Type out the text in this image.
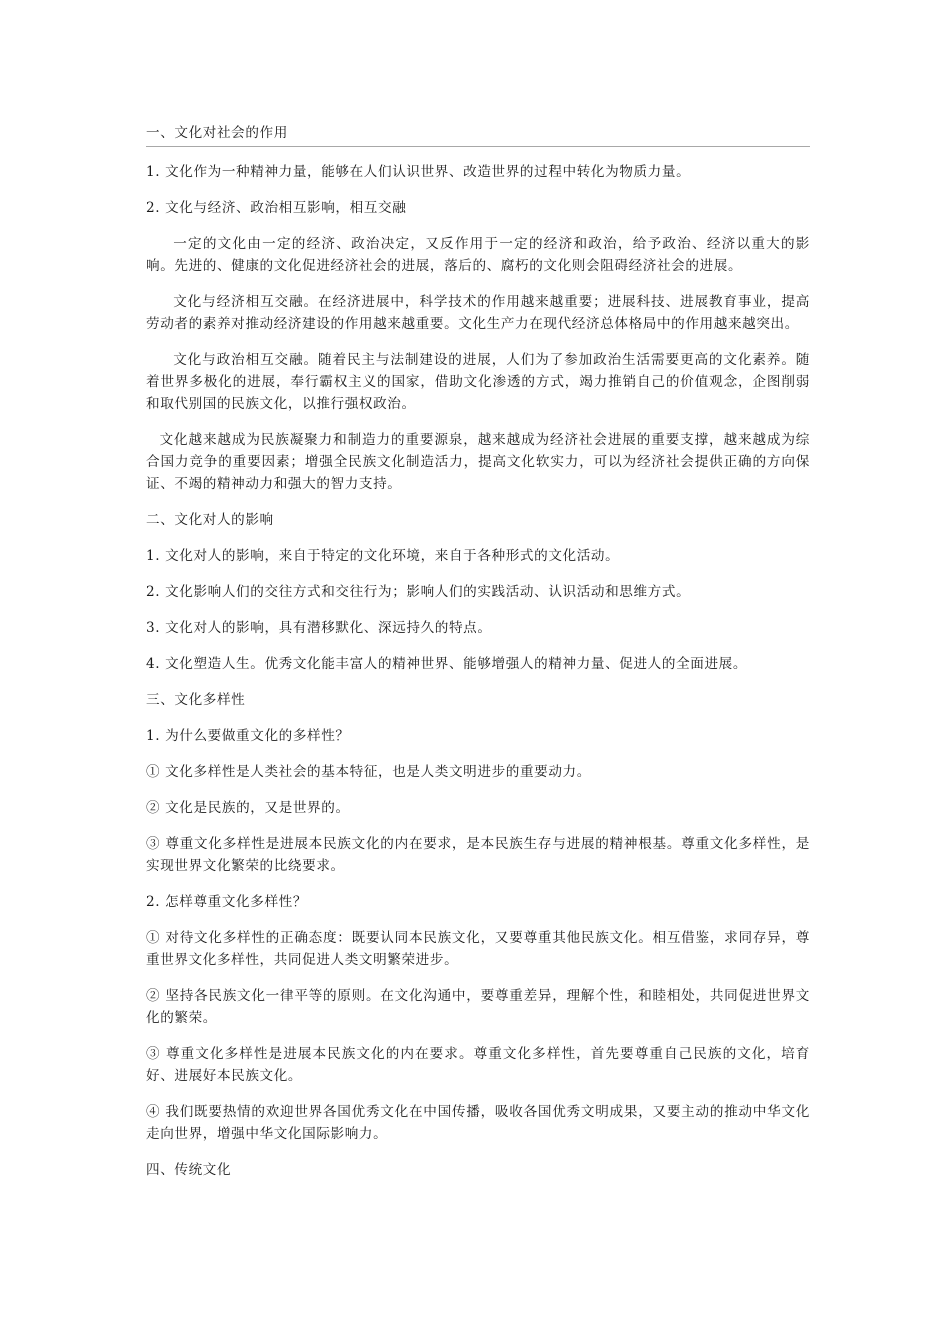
一、文化对社会的作用

1. 文化作为一种精神力量，能够在人们认识世界、改造世界的过程中转化为物质力量。

2. 文化与经济、政治相互影响，相互交融

一定的文化由一定的经济、政治决定，又反作用于一定的经济和政治，给予政治、经济以重大的影响。先进的、健康的文化促进经济社会的进展，落后的、腐朽的文化则会阻碍经济社会的进展。

文化与经济相互交融。在经济进展中，科学技术的作用越来越重要；进展科技、进展教育事业，提高劳动者的素养对推动经济建设的作用越来越重要。文化生产力在现代经济总体格局中的作用越来越突出。

文化与政治相互交融。随着民主与法制建设的进展，人们为了参加政治生活需要更高的文化素养。随着世界多极化的进展，奉行霸权主义的国家，借助文化渗透的方式，竭力推销自己的价值观念，企图削弱和取代别国的民族文化，以推行强权政治。

文化越来越成为民族凝聚力和制造力的重要源泉，越来越成为经济社会进展的重要支撑，越来越成为综合国力竞争的重要因素；增强全民族文化制造活力，提高文化软实力，可以为经济社会提供正确的方向保证、不竭的精神动力和强大的智力支持。

二、文化对人的影响

1. 文化对人的影响，来自于特定的文化环境，来自于各种形式的文化活动。

2. 文化影响人们的交往方式和交往行为；影响人们的实践活动、认识活动和思维方式。

3. 文化对人的影响，具有潜移默化、深远持久的特点。

4. 文化塑造人生。优秀文化能丰富人的精神世界、能够增强人的精神力量、促进人的全面进展。

三、文化多样性

1. 为什么要做重文化的多样性？

① 文化多样性是人类社会的基本特征，也是人类文明进步的重要动力。

② 文化是民族的，又是世界的。

③ 尊重文化多样性是进展本民族文化的内在要求，是本民族生存与进展的精神根基。尊重文化多样性，是实现世界文化繁荣的比绕要求。

2. 怎样尊重文化多样性？

① 对待文化多样性的正确态度：既要认同本民族文化，又要尊重其他民族文化。相互借鉴，求同存异，尊重世界文化多样性，共同促进人类文明繁荣进步。

② 坚持各民族文化一律平等的原则。在文化沟通中，要尊重差异，理解个性，和睦相处，共同促进世界文化的繁荣。

③ 尊重文化多样性是进展本民族文化的内在要求。尊重文化多样性，首先要尊重自己民族的文化，培育好、进展好本民族文化。

④ 我们既要热情的欢迎世界各国优秀文化在中国传播，吸收各国优秀文明成果，又要主动的推动中华文化走向世界，增强中华文化国际影响力。

四、传统文化
